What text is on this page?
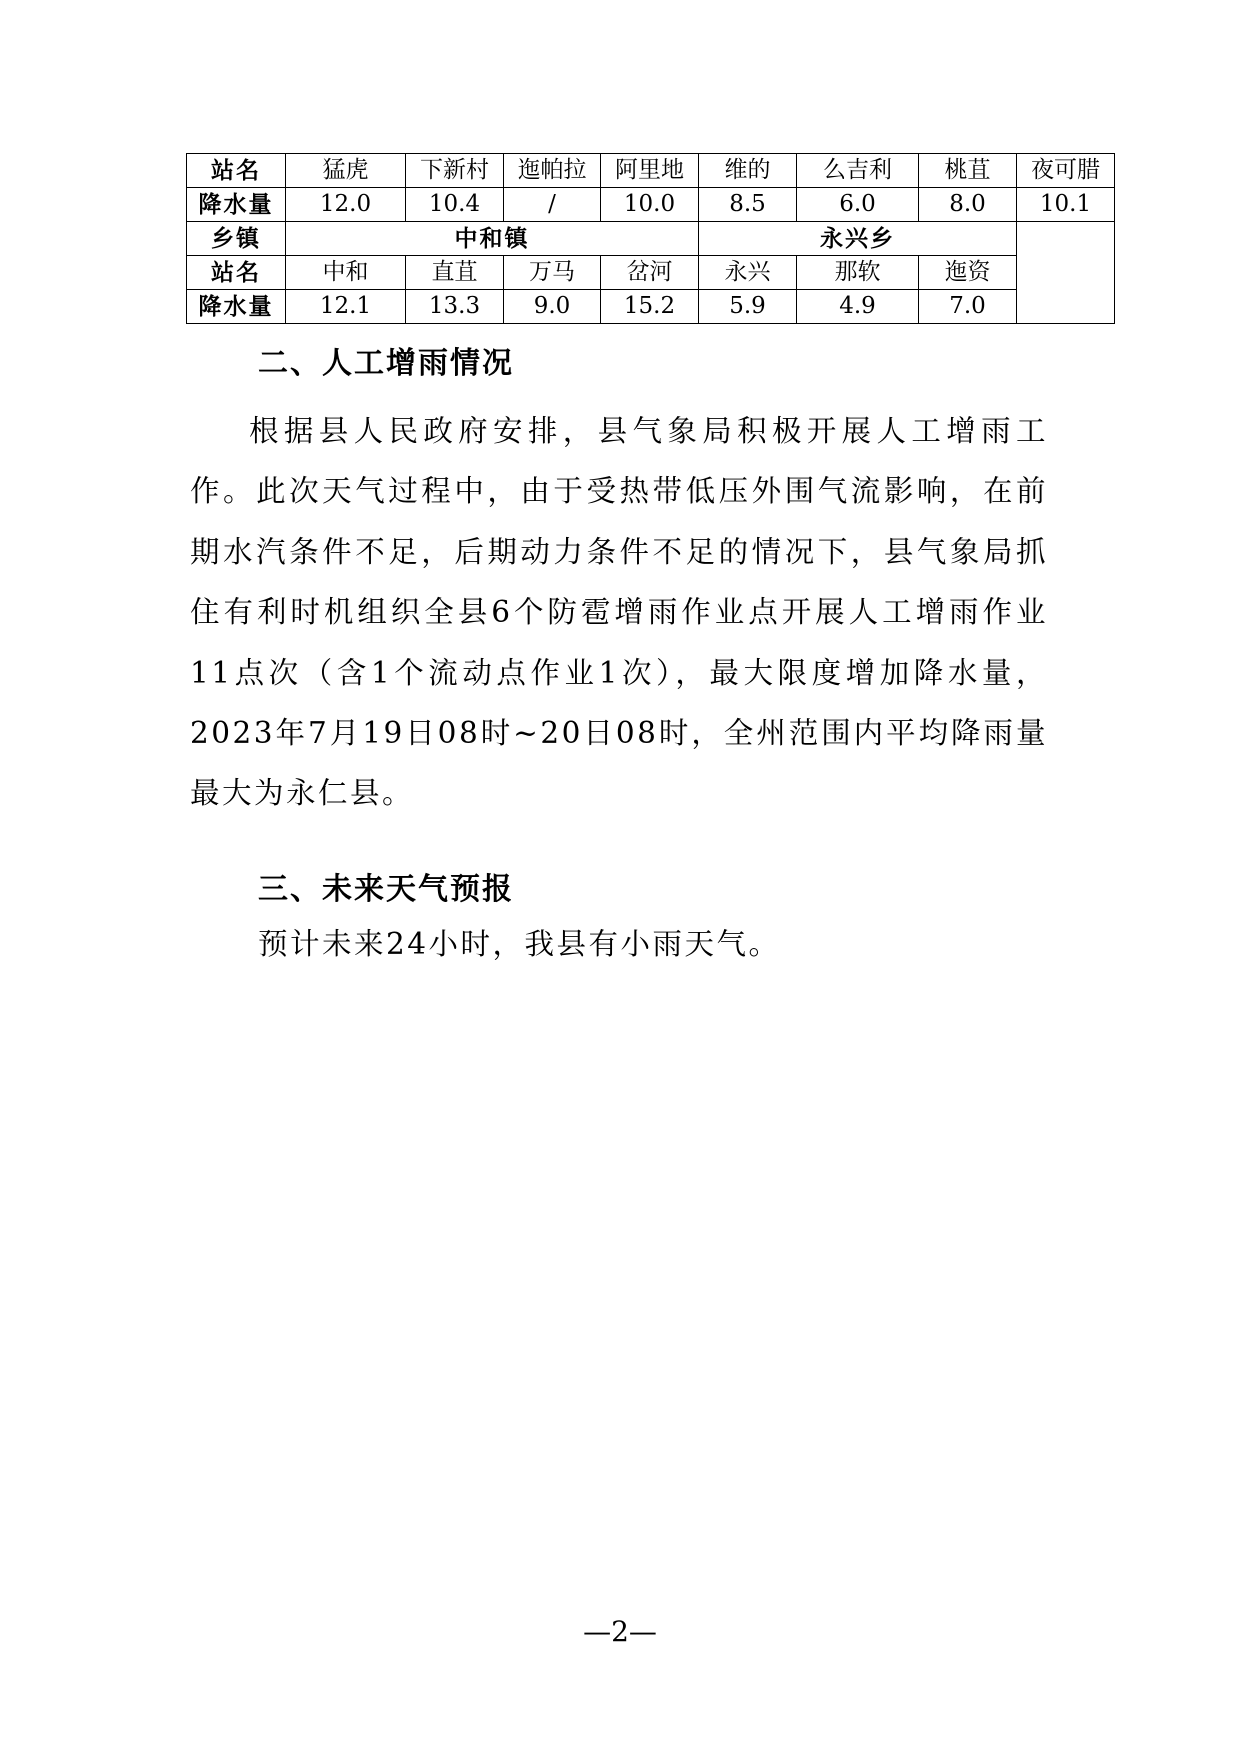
站名	猛虎	下新村	迤帕拉	阿里地	维的	么吉利	桃苴	夜可腊
降水量	12.0	10.4	/	10.0	8.5	6.0	8.0	10.1
乡镇	中和镇				永兴乡			
站名	中和	直苴	万马	岔河	永兴	那软	迤资	
降水量	12.1	13.3	9.0	15.2	5.9	4.9	7.0	
二、人工增雨情况

根据县人民政府安排，县气象局积极开展人工增雨工作。此次天气过程中，由于受热带低压外围气流影响，在前期水汽条件不足，后期动力条件不足的情况下，县气象局抓住有利时机组织全县6个防雹增雨作业点开展人工增雨作业11点次（含1个流动点作业1次），最大限度增加降水量，2023年7月19日08时~20日08时，全州范围内平均降雨量最大为永仁县。

三、未来天气预报

预计未来24小时，我县有小雨天气。

—2—
